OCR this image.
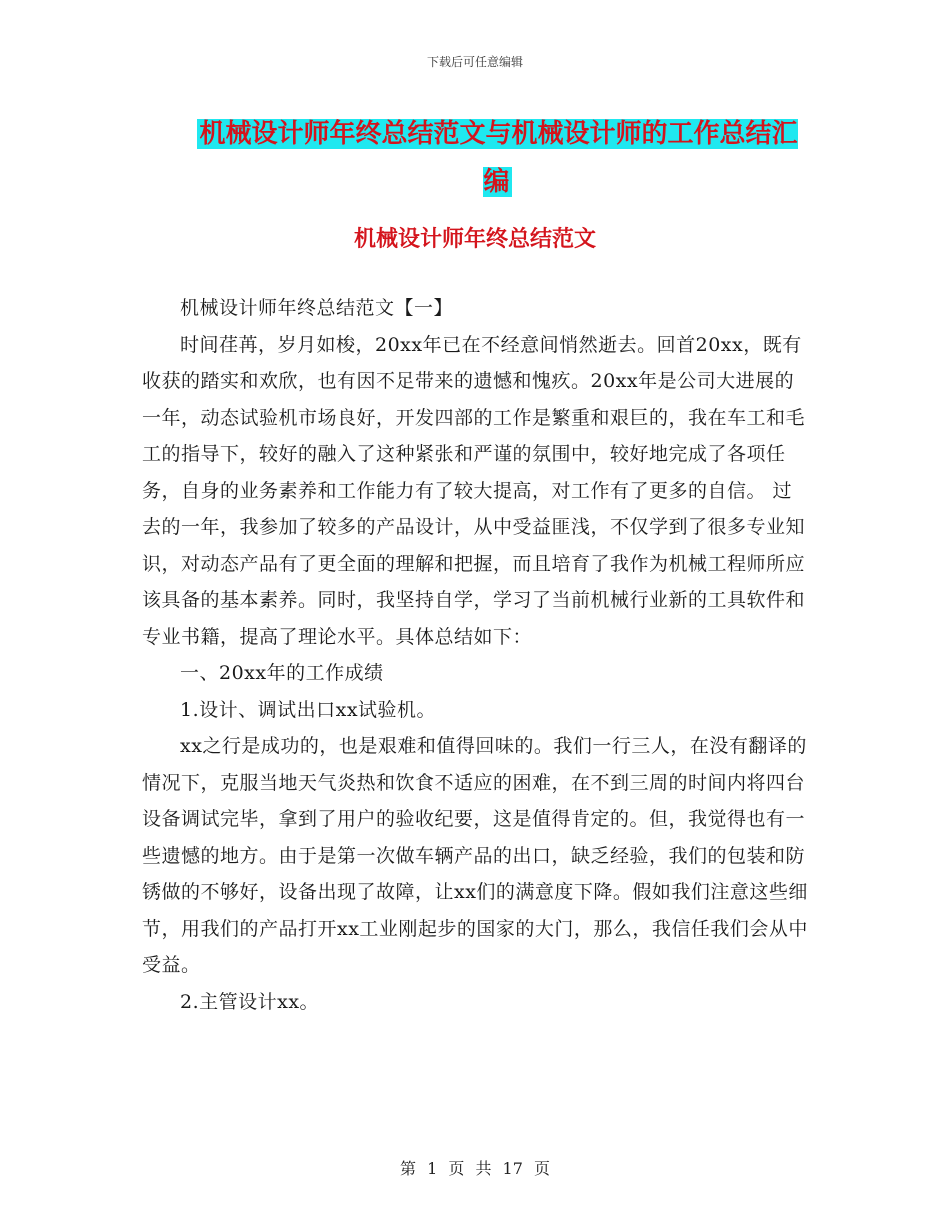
下载后可任意编辑
机械设计师年终总结范文与机械设计师的工作总结汇编
机械设计师年终总结范文

机械设计师年终总结范文【一】

时间荏苒，岁月如梭，20xx年已在不经意间悄然逝去。回首20xx，既有收获的踏实和欢欣，也有因不足带来的遗憾和愧疚。20xx年是公司大进展的一年，动态试验机市场良好，开发四部的工作是繁重和艰巨的，我在车工和毛工的指导下，较好的融入了这种紧张和严谨的氛围中，较好地完成了各项任务，自身的业务素养和工作能力有了较大提高，对工作有了更多的自信。 过去的一年，我参加了较多的产品设计，从中受益匪浅，不仅学到了很多专业知识，对动态产品有了更全面的理解和把握，而且培育了我作为机械工程师所应该具备的基本素养。同时，我坚持自学，学习了当前机械行业新的工具软件和专业书籍，提高了理论水平。具体总结如下：

一、20xx年的工作成绩

1.设计、调试出口xx试验机。

xx之行是成功的，也是艰难和值得回味的。我们一行三人，在没有翻译的情况下，克服当地天气炎热和饮食不适应的困难，在不到三周的时间内将四台设备调试完毕，拿到了用户的验收纪要，这是值得肯定的。但，我觉得也有一些遗憾的地方。由于是第一次做车辆产品的出口，缺乏经验，我们的包装和防锈做的不够好，设备出现了故障，让xx们的满意度下降。假如我们注意这些细节，用我们的产品打开xx工业刚起步的国家的大门，那么，我信任我们会从中受益。

2.主管设计xx。

第 1 页 共 17 页
